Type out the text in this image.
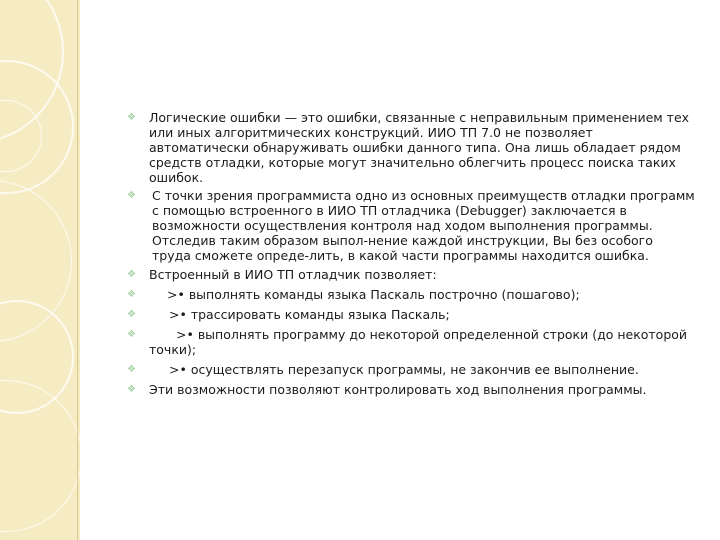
❖ Логические ошибки — это ошибки, связанные с неправильным применением тех или иных алгоритмических конструкций. ИИО ТП 7.0 не позволяет автоматически обнаруживать ошибки данного типа. Она лишь обладает рядом средств отладки, которые могут значительно облегчить процесс поиска таких ошибок.
❖ С точки зрения программиста одно из основных преимуществ отладки программ с помощью встроенного в ИИО ТП отладчика (Debugger) заключается в возможности осуществления контроля над ходом выполнения программы. Отследив таким образом выпол-нение каждой инструкции, Вы без особого труда сможете опреде-лить, в какой части программы находится ошибка.
❖ Встроенный в ИИО ТП отладчик позволяет:
❖	>• выполнять команды языка Паскаль построчно (пошагово);
❖	>• трассировать команды языка Паскаль;
❖	>• выполнять программу до некоторой определенной строки (до некоторой точки);
❖	>• осуществлять перезапуск программы, не закончив ее выполнение.
❖ Эти возможности позволяют контролировать ход выполнения программы.
